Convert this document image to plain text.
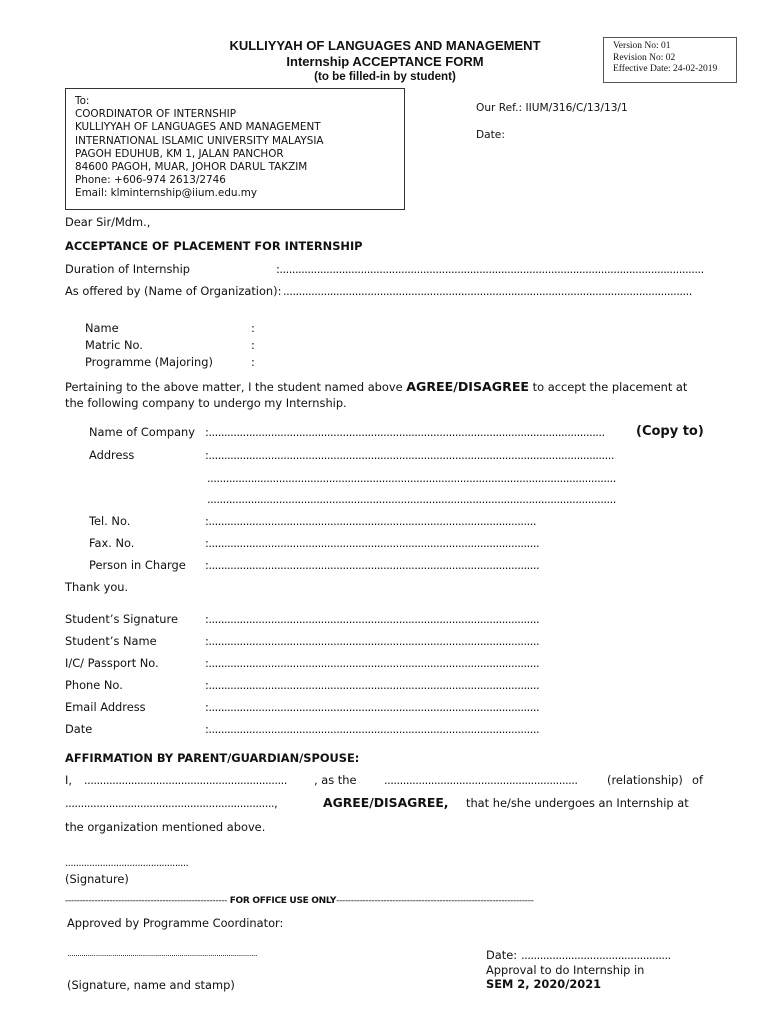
KULLIYYAH OF LANGUAGES AND MANAGEMENT
Internship ACCEPTANCE FORM
(to be filled-in by student)
Version No: 01
Revision No: 02
Effective Date: 24-02-2019
To:
COORDINATOR OF INTERNSHIP
KULLIYYAH OF LANGUAGES AND MANAGEMENT
INTERNATIONAL ISLAMIC UNIVERSITY MALAYSIA
PAGOH EDUHUB, KM 1, JALAN PANCHOR
84600 PAGOH, MUAR, JOHOR DARUL TAKZIM
Phone: +606-974 2613/2746
Email: klminternship@iium.edu.my
Our Ref.: IIUM/316/C/13/13/1
Date:
Dear Sir/Mdm.,
ACCEPTANCE OF PLACEMENT FOR INTERNSHIP
Duration of Internship	:........................................................................................................................................
As offered by (Name of Organization): ...................................................................................................................................
Name	:
Matric No.	:
Programme (Majoring)	:
Pertaining to the above matter, I the student named above AGREE/DISAGREE to accept the placement at
the following company to undergo my Internship.
Name of Company :............................................................................................................................... (Copy to)
Address	:..................................................................................................................................
...................................................................................................................................
...................................................................................................................................
Tel. No.	:.........................................................................................................
Fax. No.	:..........................................................................................................
Person in Charge :..........................................................................................................
Thank you.
Student’s Signature :..........................................................................................................
Student’s Name	:..........................................................................................................
I/C/ Passport No.	:..........................................................................................................
Phone No.	:..........................................................................................................
Email Address	:..........................................................................................................
Date	:..........................................................................................................
AFFIRMATION BY PARENT/GUARDIAN/SPOUSE:
I, ................................................................. , as the ..............................................................	(relationship) of
...................................................................,	AGREE/DISAGREE, that he/she undergoes an Internship at
the organization mentioned above.
..............................................
(Signature)
------------------------------------------------------- FOR OFFICE USE ONLY-------------------------------------------------------------------
Approved by Programme Coordinator:
.............................................................................................
(Signature, name and stamp)
Date: ................................................
Approval to do Internship in
SEM 2, 2020/2021
